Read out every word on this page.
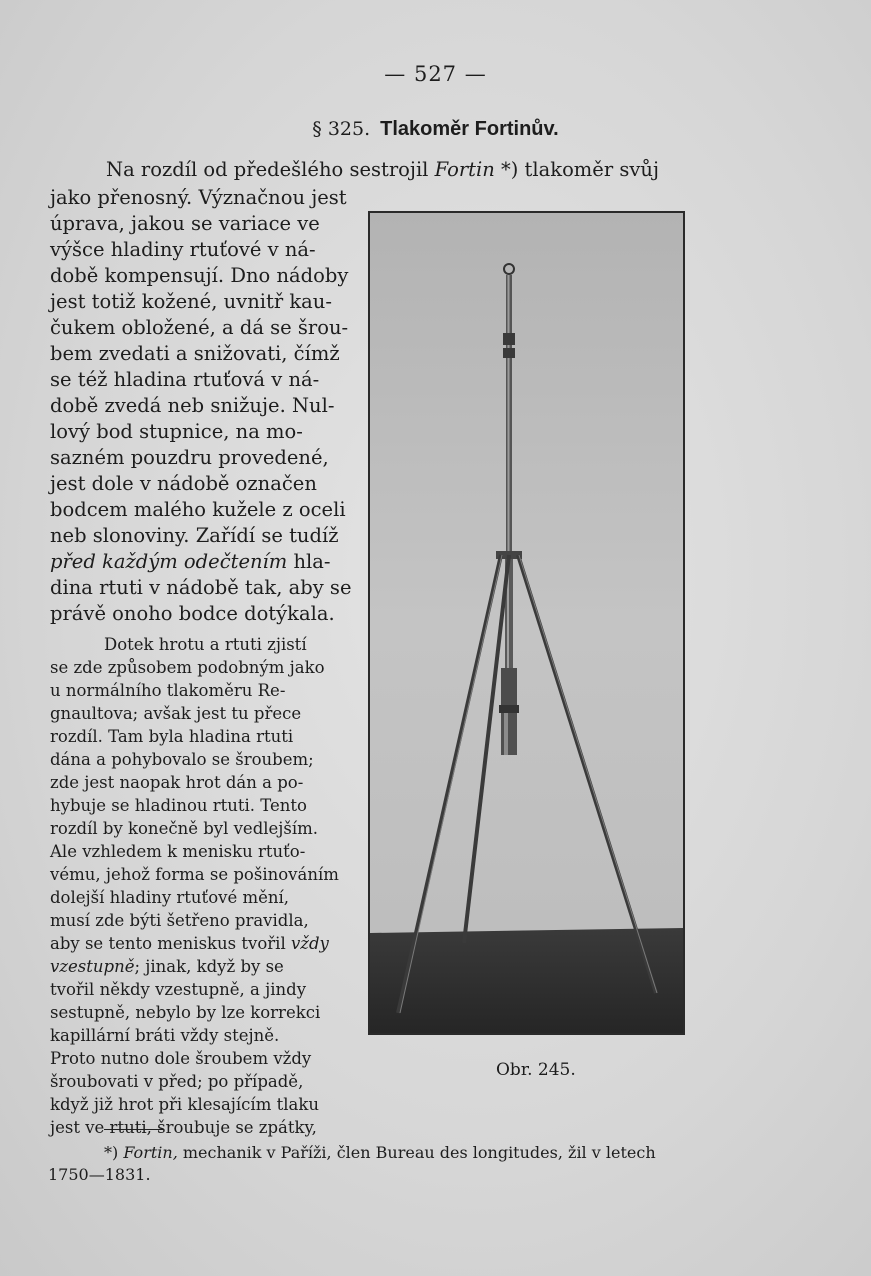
— 527 —
§ 325. Tlakoměr Fortinův.
Na rozdíl od předešlého sestrojil Fortin *) tlakoměr svůj
jako přenosný. Význačnou jest
úprava, jakou se variace ve
výšce hladiny rtuťové v ná-
době kompensují. Dno nádoby
jest totiž kožené, uvnitř kau-
čukem obložené, a dá se šrou-
bem zvedati a snižovati, čímž
se též hladina rtuťová v ná-
době zvedá neb snižuje. Nul-
lový bod stupnice, na mo-
sazném pouzdru provedené,
jest dole v nádobě označen
bodcem malého kuželе z oceli
neb slonoviny. Zařídí se tudíž
před každým odečtením hla-
dina rtuti v nádobě tak, aby se
právě onoho bodce dotýkala.
Dotek hrotu a rtuti zjistí
se zde způsobem podobným jako
u normálního tlakoměru Re-
gnaultova; avšak jest tu přece
rozdíl. Tam byla hladina rtuti
dána a pohybovalo se šroubem;
zde jest naopak hrot dán a po-
hybuje se hladinou rtuti. Tento
rozdíl by konečně byl vedlejším.
Ale vzhledem k menisku rtuťo-
vému, jehož forma se pošinováním
dolejší hladiny rtuťové mění,
musí zde býti šetřeno pravidla,
aby se tento meniskus tvořil vždy
vzestupně; jinak, když by se
tvořil někdy vzestupně, a jindy
sestupně, nebylo by lze korrekci
kapillární bráti vždy stejně.
Proto nutno dole šroubem vždy
šroubovati v před; po případě,
když již hrot při klesajícím tlaku
Obr. 245.
*) Fortin, mechanik v Paříži, člen Bureau des longitudes, žil v letech
1750—1831.
jest ve rtuti, šroubuje se zpátky,
